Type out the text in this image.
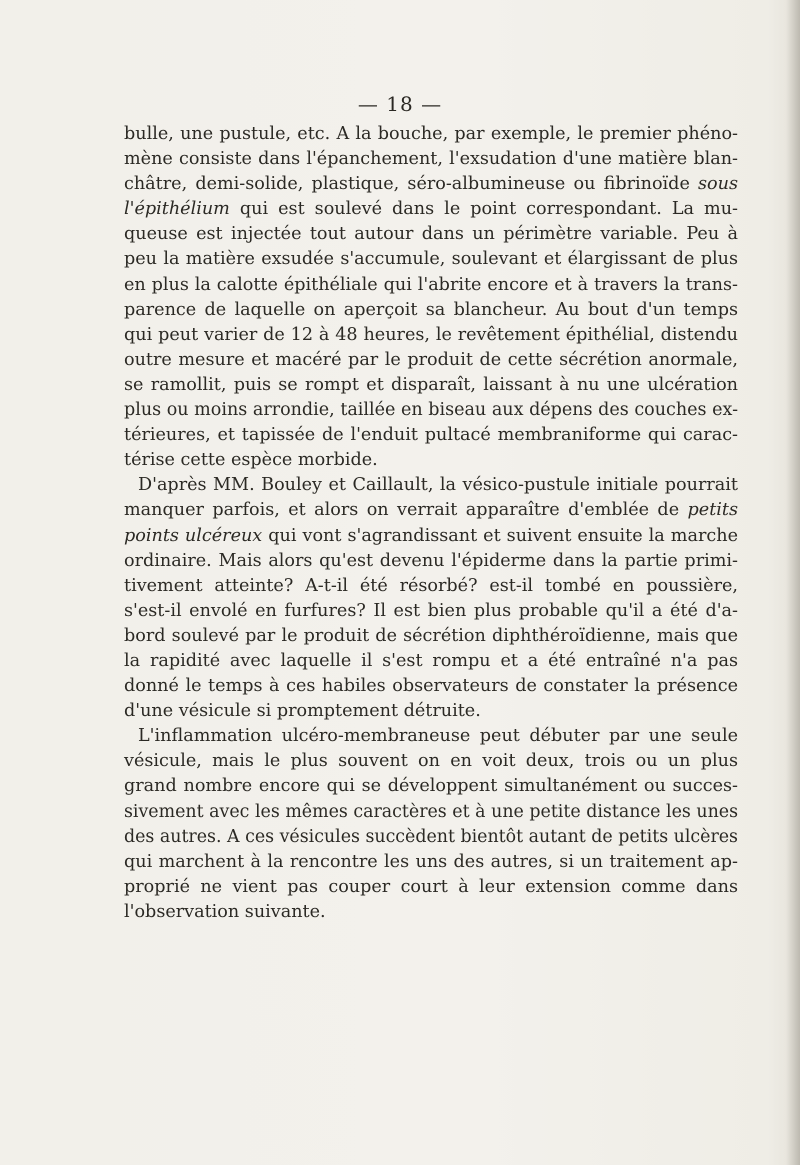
— 18 —
bulle, une pustule, etc. A la bouche, par exemple, le premier phéno-
mène consiste dans l'épanchement, l'exsudation d'une matière blan-
châtre, demi-solide, plastique, séro-albumineuse ou fibrinoïde sous
l'épithélium qui est soulevé dans le point correspondant. La mu-
queuse est injectée tout autour dans un périmètre variable. Peu à
peu la matière exsudée s'accumule, soulevant et élargissant de plus
en plus la calotte épithéliale qui l'abrite encore et à travers la trans-
parence de laquelle on aperçoit sa blancheur. Au bout d'un temps
qui peut varier de 12 à 48 heures, le revêtement épithélial, distendu
outre mesure et macéré par le produit de cette sécrétion anormale,
se ramollit, puis se rompt et disparaît, laissant à nu une ulcération
plus ou moins arrondie, taillée en biseau aux dépens des couches ex-
térieures, et tapissée de l'enduit pultacé membraniforme qui carac-
térise cette espèce morbide.
D'après MM. Bouley et Caillault, la vésico-pustule initiale pourrait
manquer parfois, et alors on verrait apparaître d'emblée de petits
points ulcéreux qui vont s'agrandissant et suivent ensuite la marche
ordinaire. Mais alors qu'est devenu l'épiderme dans la partie primi-
tivement atteinte? A-t-il été résorbé? est-il tombé en poussière,
s'est-il envolé en furfures? Il est bien plus probable qu'il a été d'a-
bord soulevé par le produit de sécrétion diphthéroïdienne, mais que
la rapidité avec laquelle il s'est rompu et a été entraîné n'a pas
donné le temps à ces habiles observateurs de constater la présence
d'une vésicule si promptement détruite.
L'inflammation ulcéro-membraneuse peut débuter par une seule
vésicule, mais le plus souvent on en voit deux, trois ou un plus
grand nombre encore qui se développent simultanément ou succes-
sivement avec les mêmes caractères et à une petite distance les unes
des autres. A ces vésicules succèdent bientôt autant de petits ulcères
qui marchent à la rencontre les uns des autres, si un traitement ap-
proprié ne vient pas couper court à leur extension comme dans
l'observation suivante.
